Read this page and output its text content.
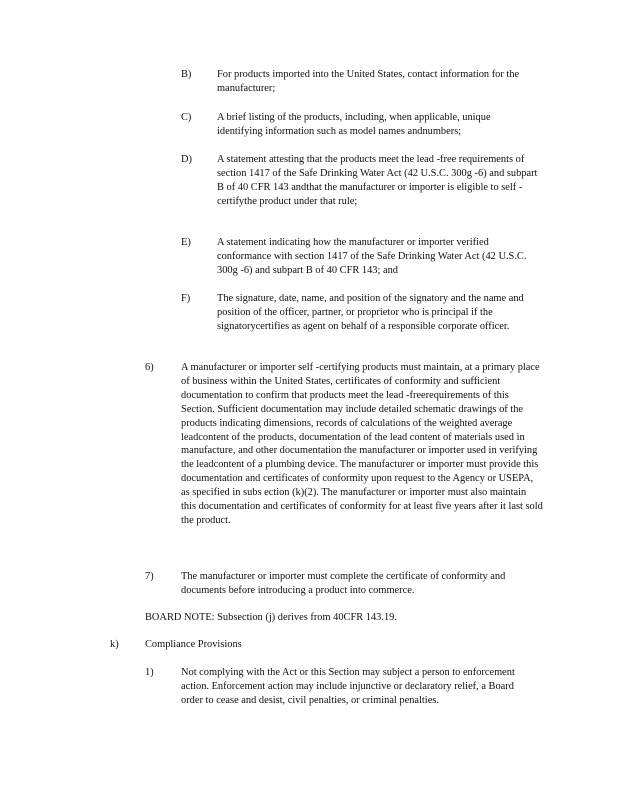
B) For products imported into the United States, contact information for the manufacturer;
C) A brief listing of the products, including, when applicable, unique identifying information such as model names andnumbers;
D) A statement attesting that the products meet the lead -free requirements of section 1417 of the Safe Drinking Water Act (42 U.S.C. 300g -6) and subpart B of 40 CFR 143 andthat the manufacturer or importer is eligible to self -certifythe product under that rule;
E)	A statement indicating how the manufacturer or importer verified conformance with section 1417 of the Safe Drinking Water Act (42 U.S.C. 300g -6) and subpart B of 40 CFR 143; and
F)	The signature, date, name, and position of the signatory and the name and position of the officer, partner, or proprietor who is principal if the signatorycertifies as agent on behalf of a responsible corporate officer.
6)	A manufacturer or importer self -certifying products must maintain, at a primary place of business within the United States, certificates of conformity and sufficient documentation to confirm that products meet the lead -freerequirements of this Section. Sufficient documentation may include detailed schematic drawings of the products indicating dimensions, records of calculations of the weighted average leadcontent of the products, documentation of the lead content of materials used in manufacture, and other documentation the manufacturer or importer used in verifying the leadcontent of a plumbing device. The manufacturer or importer must provide this documentation and certificates of conformity upon request to the Agency or USEPA, as specified in subs ection (k)(2). The manufacturer or importer must also maintain this documentation and certificates of conformity for at least five years after it last sold the product.
7)	The manufacturer or importer must complete the certificate of conformity and documents before introducing a product into commerce.
BOARD NOTE: Subsection (j) derives from 40CFR 143.19.
k)	Compliance Provisions
1)	Not complying with the Act or this Section may subject a person to enforcement action. Enforcement action may include injunctive or declaratory relief, a Board order to cease and desist, civil penalties, or criminal penalties.
